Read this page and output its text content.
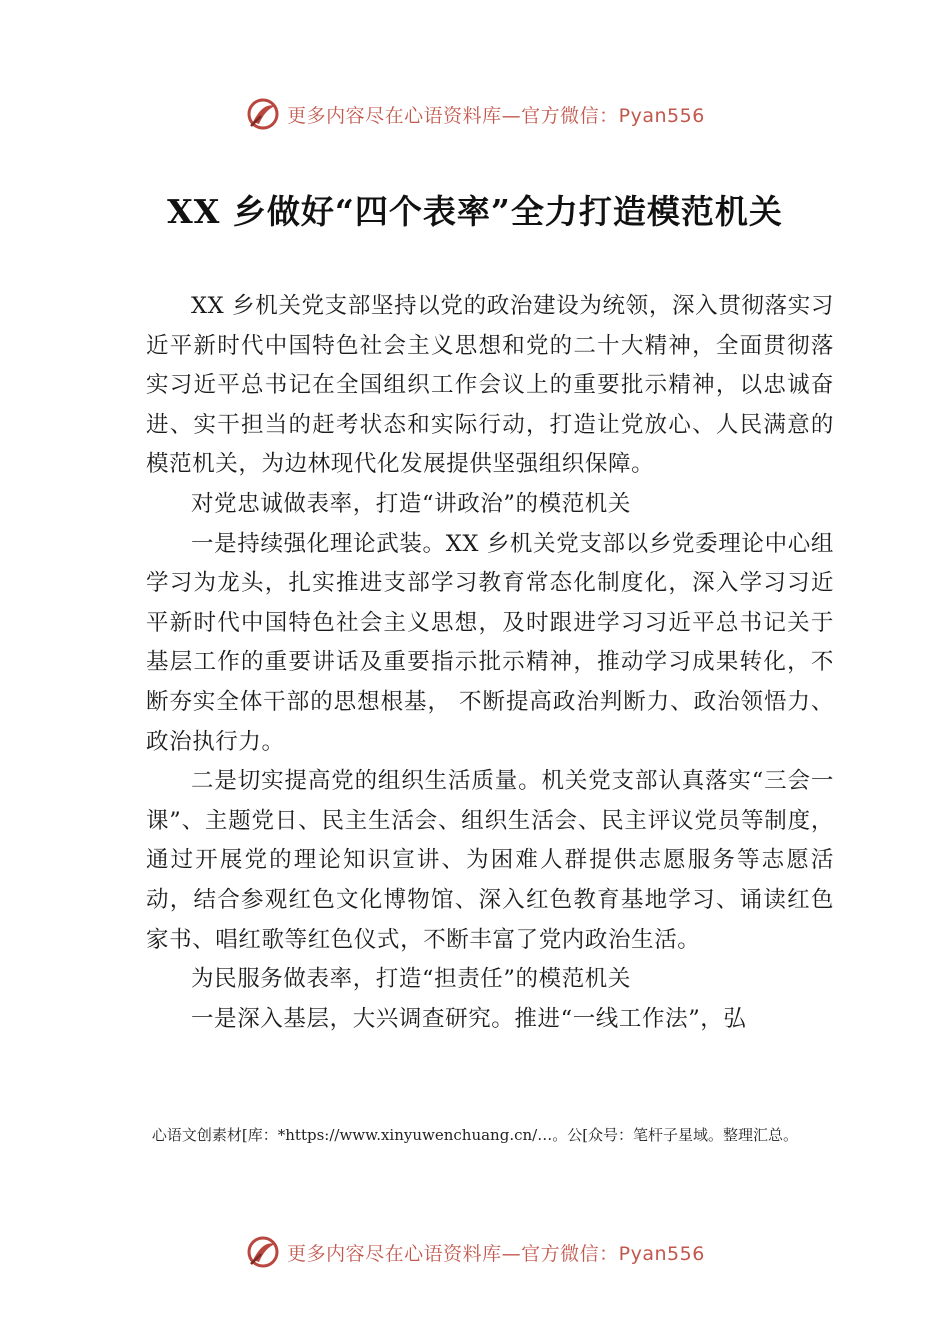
更多内容尽在心语资料库—官方微信：Pyan556
XX 乡做好“四个表率”全力打造模范机关

XX 乡机关党支部坚持以党的政治建设为统领，深入贯彻落实习近平新时代中国特色社会主义思想和党的二十大精神，全面贯彻落实习近平总书记在全国组织工作会议上的重要批示精神，以忠诚奋进、实干担当的赶考状态和实际行动，打造让党放心、人民满意的模范机关，为边林现代化发展提供坚强组织保障。

对党忠诚做表率，打造“讲政治”的模范机关

一是持续强化理论武装。XX 乡机关党支部以乡党委理论中心组学习为龙头，扎实推进支部学习教育常态化制度化，深入学习习近平新时代中国特色社会主义思想，及时跟进学习习近平总书记关于基层工作的重要讲话及重要指示批示精神，推动学习成果转化，不断夯实全体干部的思想根基， 不断提高政治判断力、政治领悟力、政治执行力。

二是切实提高党的组织生活质量。机关党支部认真落实“三会一课”、主题党日、民主生活会、组织生活会、民主评议党员等制度，通过开展党的理论知识宣讲、为困难人群提供志愿服务等志愿活动，结合参观红色文化博物馆、深入红色教育基地学习、诵读红色家书、唱红歌等红色仪式，不断丰富了党内政治生活。

为民服务做表率，打造“担责任”的模范机关

一是深入基层，大兴调查研究。推进“一线工作法”，弘

心语文创素材[库：*https://www.xinyuwenchuang.cn/…。公[众号：笔杆子星域。整理汇总。
更多内容尽在心语资料库—官方微信：Pyan556
